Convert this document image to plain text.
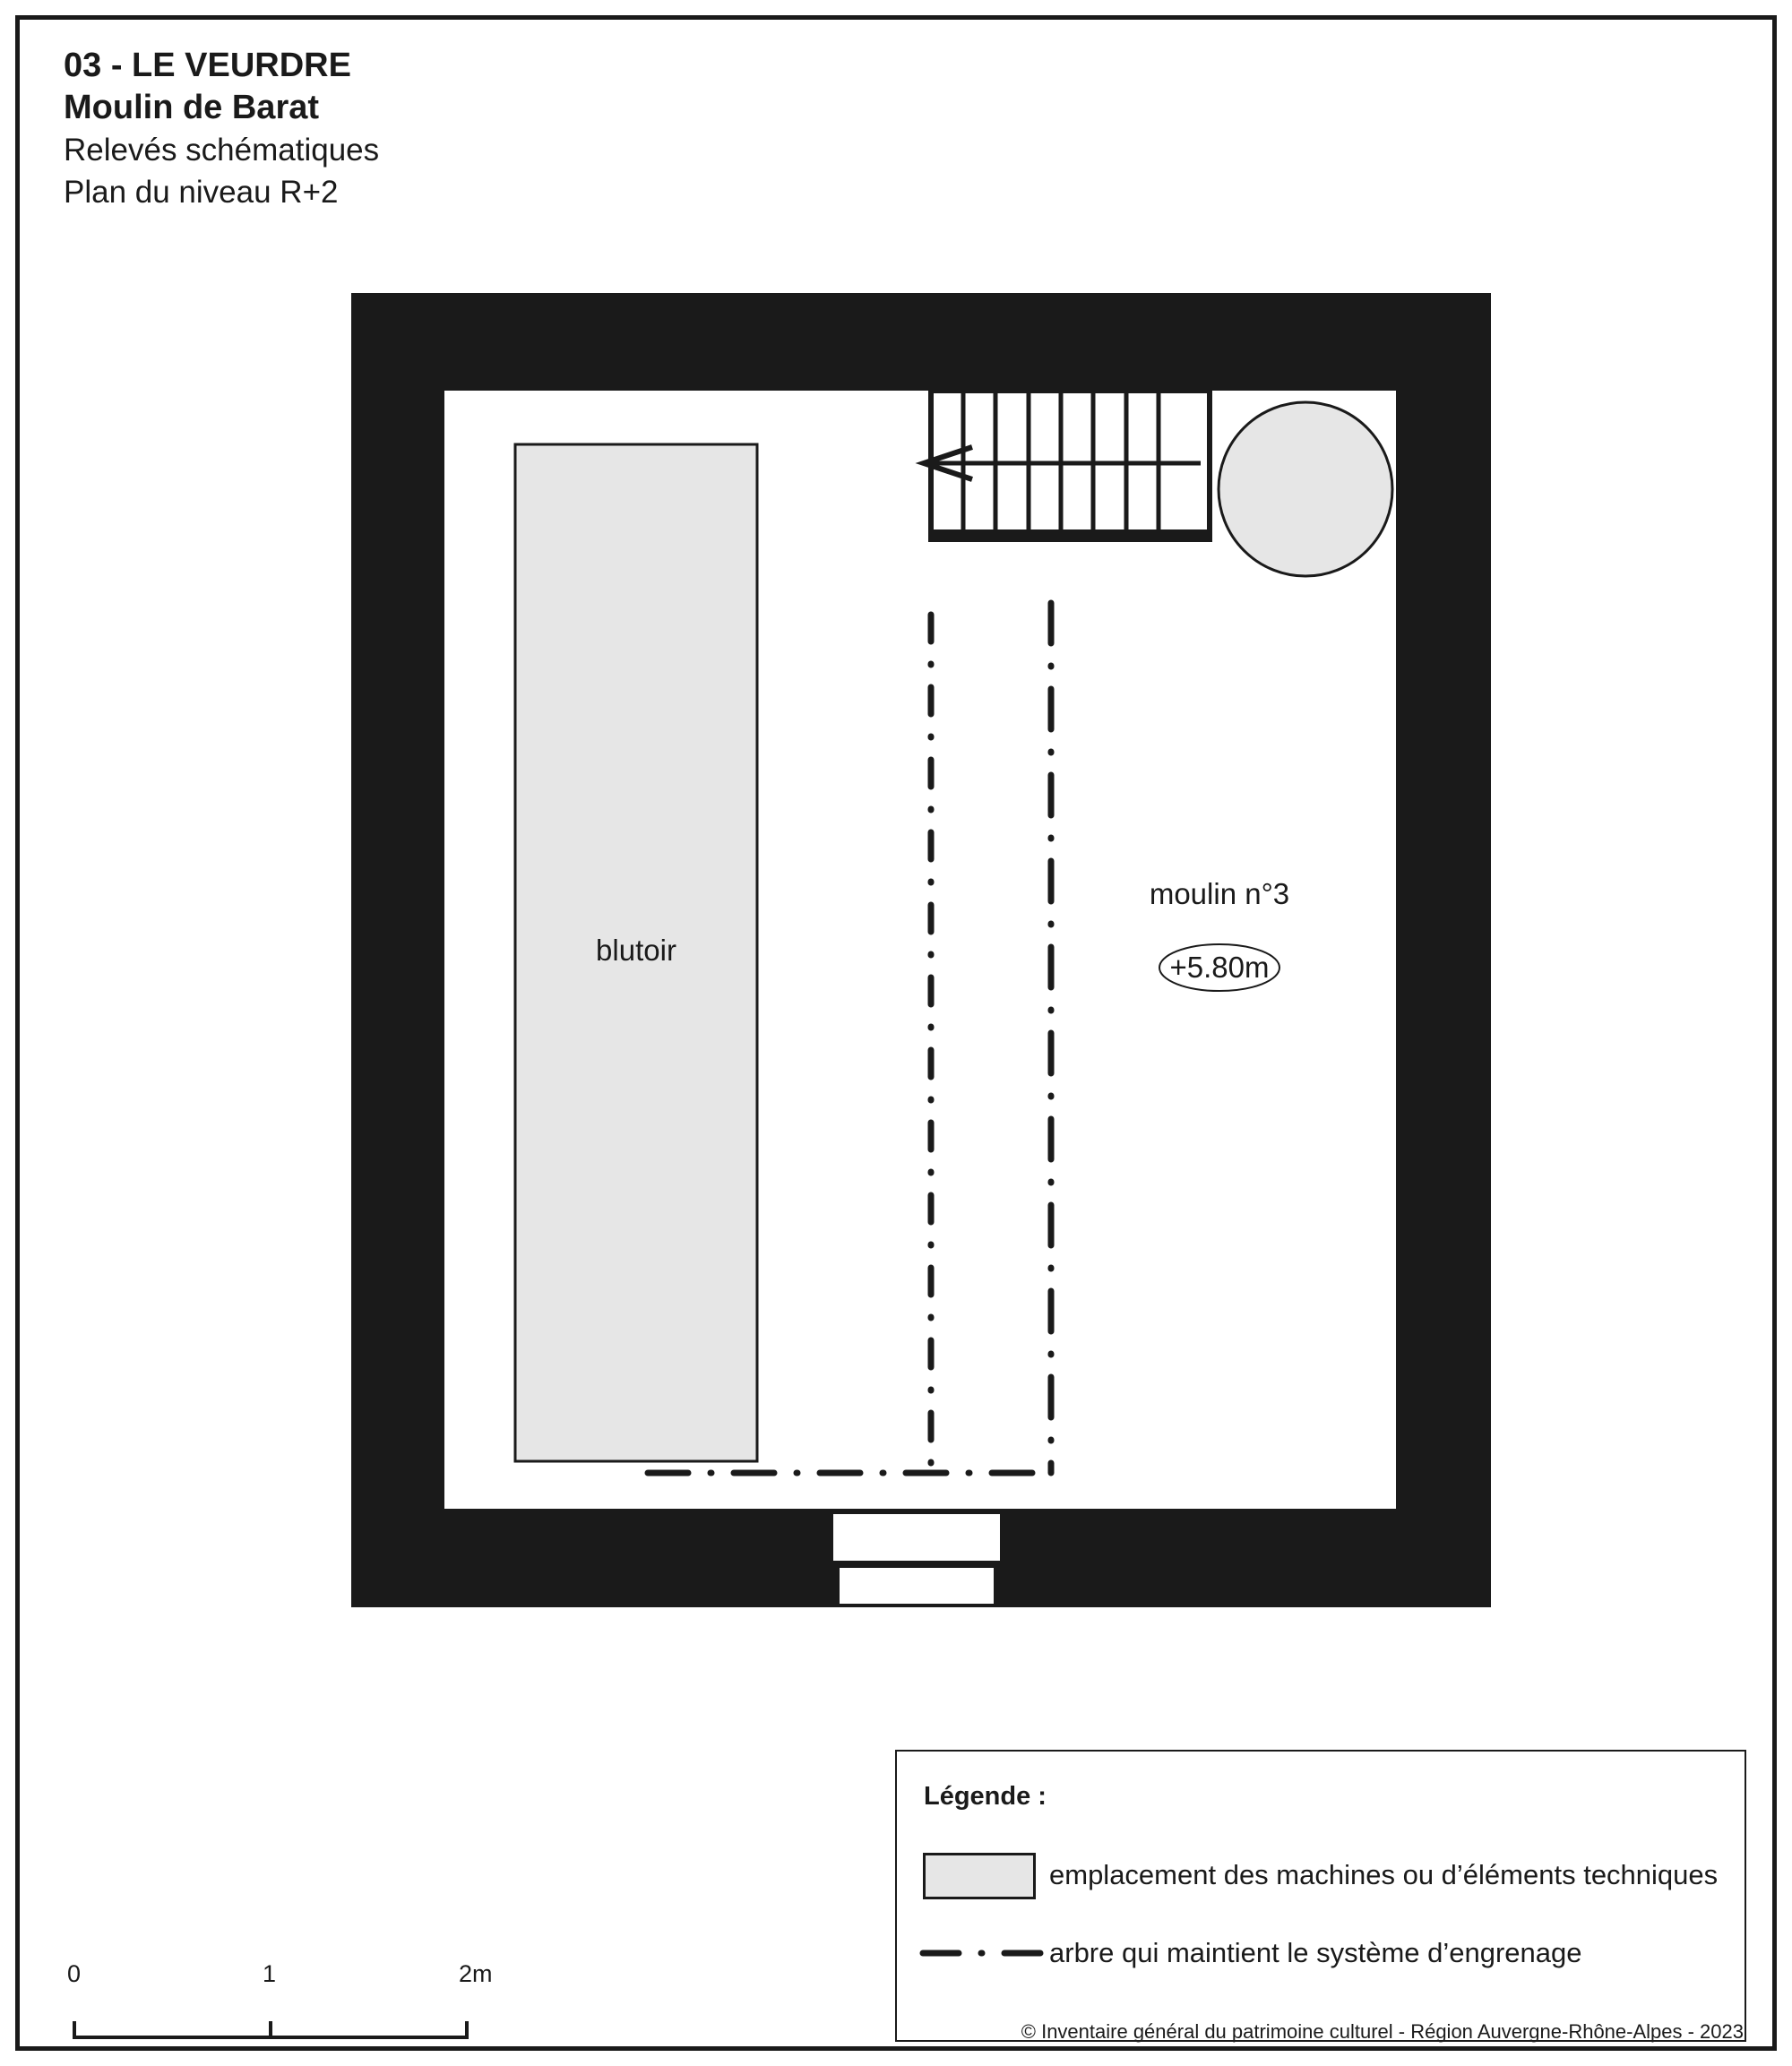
03 - LE VEURDRE
Moulin de Barat
Relevés schématiques
Plan du niveau R+2
blutoir
moulin n°3
+5.80m
Légende :
emplacement des machines ou d’éléments techniques
arbre qui maintient le système d’engrenage
0	1	2m
© Inventaire général du patrimoine culturel - Région Auvergne-Rhône-Alpes - 2023
